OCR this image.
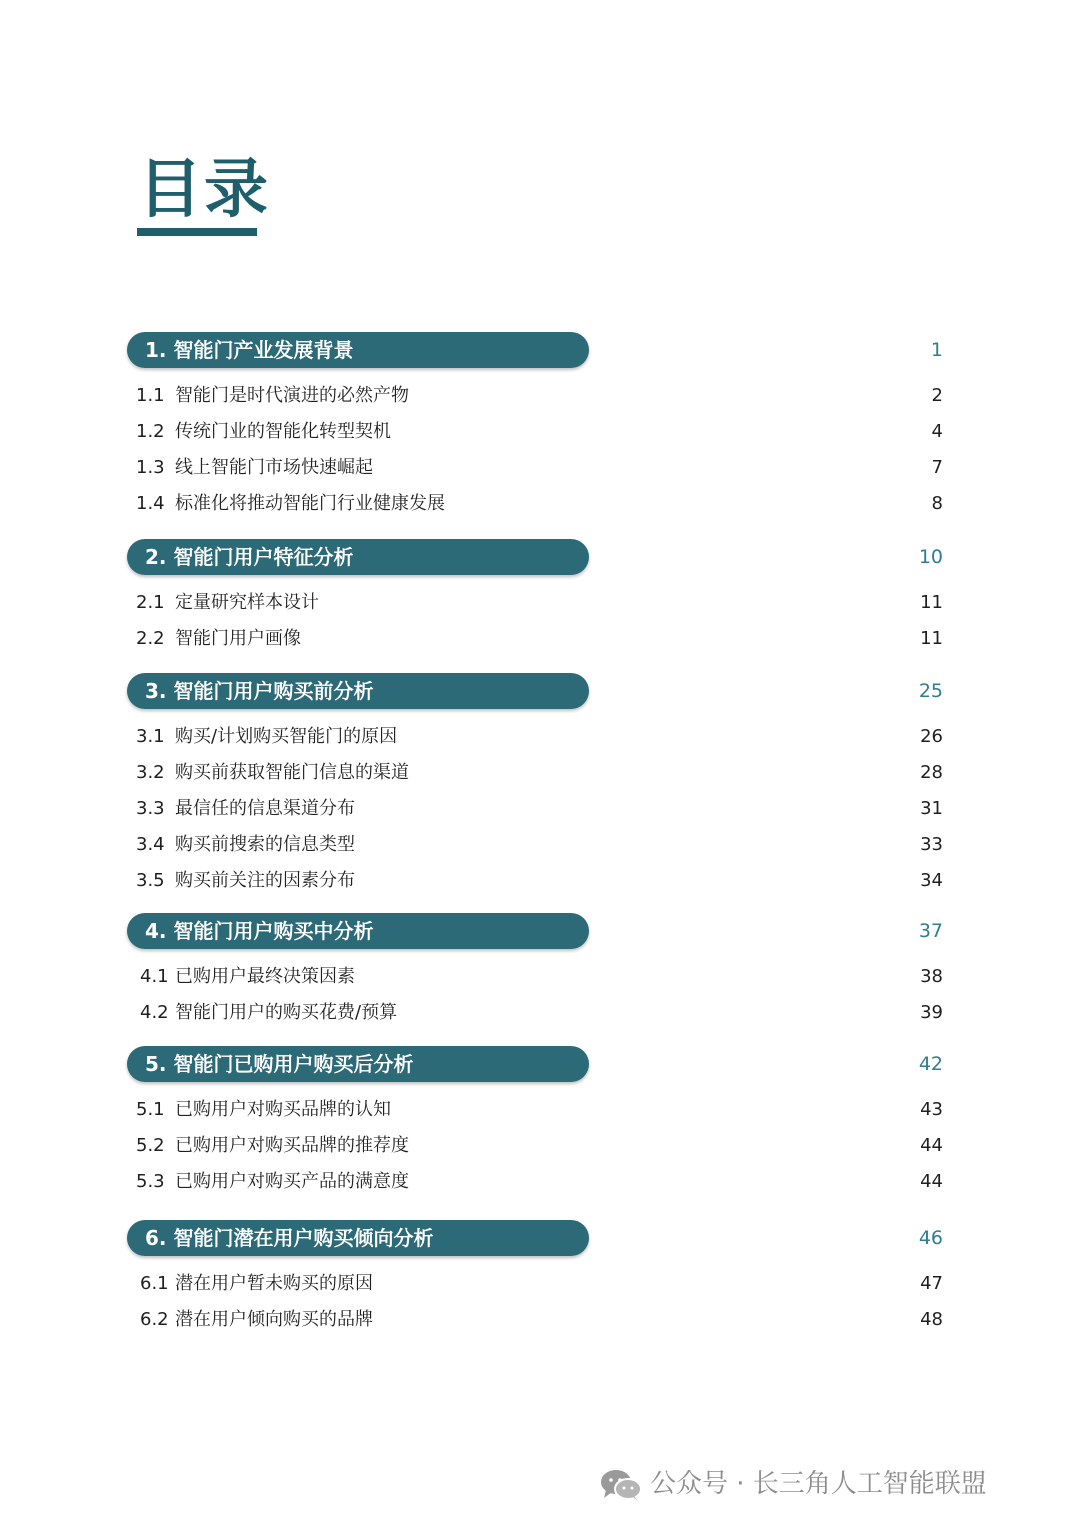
目录
1. 智能门产业发展背景	1
1.1 智能门是时代演进的必然产物	2
1.2 传统门业的智能化转型契机	4
1.3 线上智能门市场快速崛起	7
1.4 标准化将推动智能门行业健康发展	8
2. 智能门用户特征分析	10
2.1 定量研究样本设计	11
2.2 智能门用户画像	11
3. 智能门用户购买前分析	25
3.1 购买/计划购买智能门的原因	26
3.2 购买前获取智能门信息的渠道	28
3.3 最信任的信息渠道分布	31
3.4 购买前搜索的信息类型	33
3.5 购买前关注的因素分布	34
4. 智能门用户购买中分析	37
4.1 已购用户最终决策因素	38
4.2 智能门用户的购买花费/预算	39
5. 智能门已购用户购买后分析	42
5.1 已购用户对购买品牌的认知	43
5.2 已购用户对购买品牌的推荐度	44
5.3 已购用户对购买产品的满意度	44
6. 智能门潜在用户购买倾向分析	46
6.1 潜在用户暂未购买的原因	47
6.2 潜在用户倾向购买的品牌	48
公众号 · 长三角人工智能联盟
